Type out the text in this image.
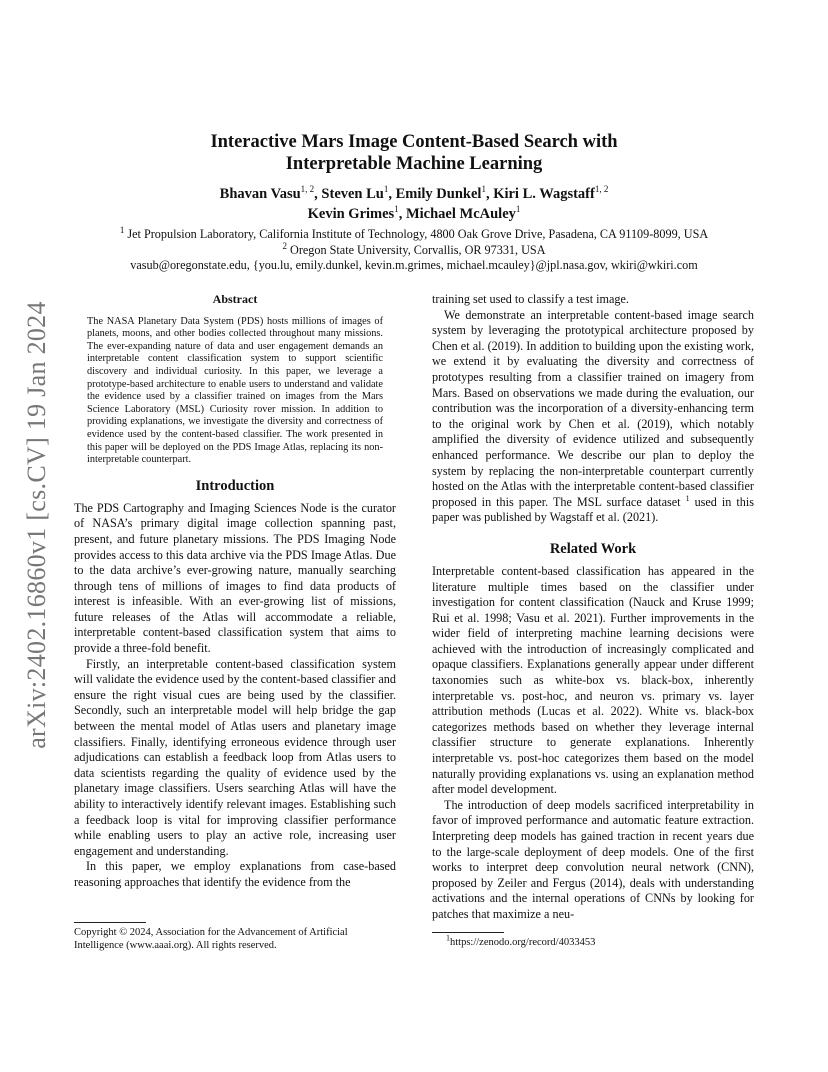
arXiv:2402.16860v1 [cs.CV] 19 Jan 2024
Interactive Mars Image Content-Based Search with
Interpretable Machine Learning
Bhavan Vasu$^{1, 2}$, Steven Lu$^1$, Emily Dunkel$^1$, Kiri L. Wagstaff$^{1, 2}$
Kevin Grimes$^1$, Michael McAuley$^1$
$^1$ Jet Propulsion Laboratory, California Institute of Technology, 4800 Oak Grove Drive, Pasadena, CA 91109-8099, USA
$^2$ Oregon State University, Corvallis, OR 97331, USA
vasub@oregonstate.edu, {you.lu, emily.dunkel, kevin.m.grimes, michael.mcauley}@jpl.nasa.gov, wkiri@wkiri.com
Abstract
The NASA Planetary Data System (PDS) hosts millions of images of planets, moons, and other bodies collected throughout many missions. The ever-expanding nature of data and user engagement demands an interpretable content classification system to support scientific discovery and individual curiosity. In this paper, we leverage a prototype-based architecture to enable users to understand and validate the evidence used by a classifier trained on images from the Mars Science Laboratory (MSL) Curiosity rover mission. In addition to providing explanations, we investigate the diversity and correctness of evidence used by the content-based classifier. The work presented in this paper will be deployed on the PDS Image Atlas, replacing its non-interpretable counterpart.
Introduction

The PDS Cartography and Imaging Sciences Node is the curator of NASA’s primary digital image collection spanning past, present, and future planetary missions. The PDS Imaging Node provides access to this data archive via the PDS Image Atlas. Due to the data archive’s ever-growing nature, manually searching through tens of millions of images to find data products of interest is infeasible. With an ever-growing list of missions, future releases of the Atlas will accommodate a reliable, interpretable content-based classification system that aims to provide a three-fold benefit.

Firstly, an interpretable content-based classification system will validate the evidence used by the content-based classifier and ensure the right visual cues are being used by the classifier. Secondly, such an interpretable model will help bridge the gap between the mental model of Atlas users and planetary image classifiers. Finally, identifying erroneous evidence through user adjudications can establish a feedback loop from Atlas users to data scientists regarding the quality of evidence used by the planetary image classifiers. Users searching Atlas will have the ability to interactively identify relevant images. Establishing such a feedback loop is vital for improving classifier performance while enabling users to play an active role, increasing user engagement and understanding.

In this paper, we employ explanations from case-based reasoning approaches that identify the evidence from the

Copyright © 2024, Association for the Advancement of Artificial Intelligence (www.aaai.org). All rights reserved.

training set used to classify a test image.

We demonstrate an interpretable content-based image search system by leveraging the prototypical architecture proposed by Chen et al. (2019). In addition to building upon the existing work, we extend it by evaluating the diversity and correctness of prototypes resulting from a classifier trained on imagery from Mars. Based on observations we made during the evaluation, our contribution was the incorporation of a diversity-enhancing term to the original work by Chen et al. (2019), which notably amplified the diversity of evidence utilized and subsequently enhanced performance. We describe our plan to deploy the system by replacing the non-interpretable counterpart currently hosted on the Atlas with the interpretable content-based classifier proposed in this paper. The MSL surface dataset $^1$ used in this paper was published by Wagstaff et al. (2021).

Related Work

Interpretable content-based classification has appeared in the literature multiple times based on the classifier under investigation for content classification (Nauck and Kruse 1999; Rui et al. 1998; Vasu et al. 2021). Further improvements in the wider field of interpreting machine learning decisions were achieved with the introduction of increasingly complicated and opaque classifiers. Explanations generally appear under different taxonomies such as white-box vs. black-box, inherently interpretable vs. post-hoc, and neuron vs. primary vs. layer attribution methods (Lucas et al. 2022). White vs. black-box categorizes methods based on whether they leverage internal classifier structure to generate explanations. Inherently interpretable vs. post-hoc categorizes them based on the model naturally providing explanations vs. using an explanation method after model development.

The introduction of deep models sacrificed interpretability in favor of improved performance and automatic feature extraction. Interpreting deep models has gained traction in recent years due to the large-scale deployment of deep models. One of the first works to interpret deep convolution neural network (CNN), proposed by Zeiler and Fergus (2014), deals with understanding activations and the internal operations of CNNs by looking for patches that maximize a neu-

$^1$https://zenodo.org/record/4033453
